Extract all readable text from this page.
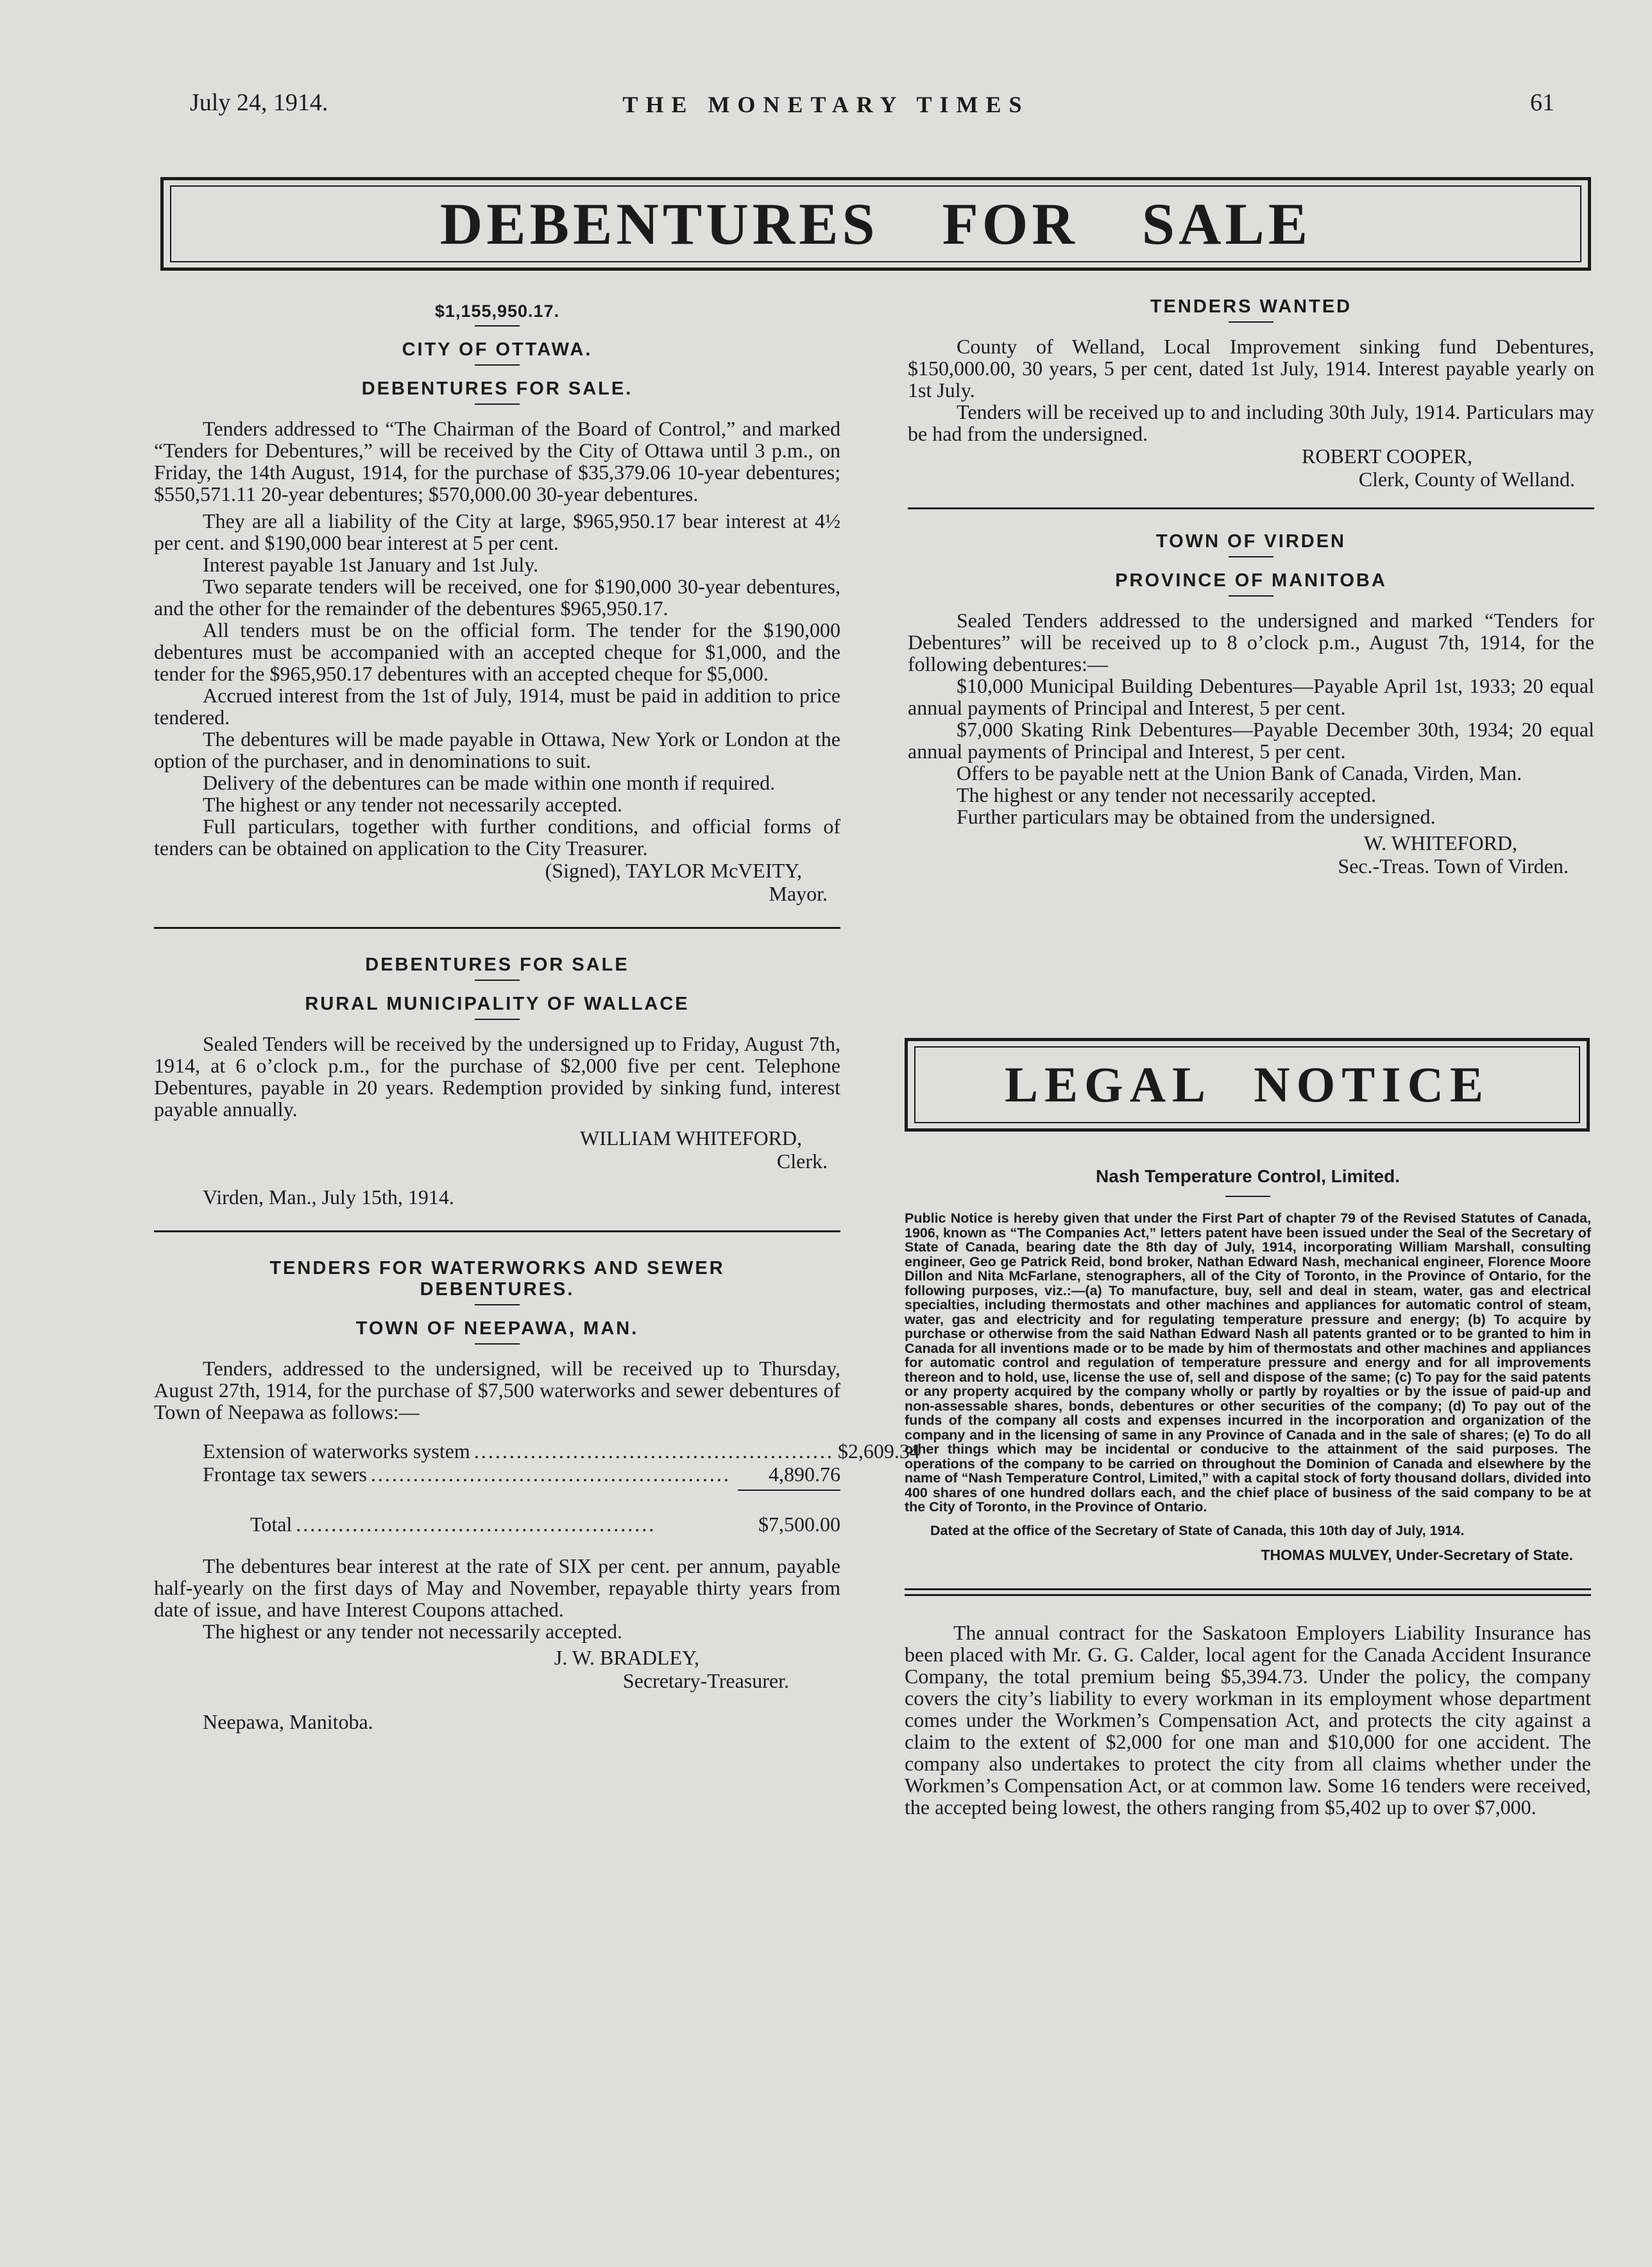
July 24, 1914.	THE MONETARY TIMES	61
DEBENTURES FOR SALE

$1,155,950.17.

CITY OF OTTAWA.

DEBENTURES FOR SALE.

Tenders addressed to “The Chairman of the Board of Control,” and marked “Tenders for Debentures,” will be received by the City of Ottawa until 3 p.m., on Friday, the 14th August, 1914, for the purchase of $35,379.06 10-year debentures; $550,571.11 20-year debentures; $570,000.00 30-year debentures.

They are all a liability of the City at large, $965,950.17 bear interest at 4½ per cent. and $190,000 bear interest at 5 per cent.

Interest payable 1st January and 1st July.

Two separate tenders will be received, one for $190,000 30-year debentures, and the other for the remainder of the debentures $965,950.17.

All tenders must be on the official form. The tender for the $190,000 debentures must be accompanied with an accepted cheque for $1,000, and the tender for the $965,950.17 debentures with an accepted cheque for $5,000.

Accrued interest from the 1st of July, 1914, must be paid in addition to price tendered.

The debentures will be made payable in Ottawa, New York or London at the option of the purchaser, and in denominations to suit.

Delivery of the debentures can be made within one month if required.

The highest or any tender not necessarily accepted.

Full particulars, together with further conditions, and official forms of tenders can be obtained on application to the City Treasurer.

(Signed), TAYLOR McVEITY,

Mayor.

DEBENTURES FOR SALE

RURAL MUNICIPALITY OF WALLACE

Sealed Tenders will be received by the undersigned up to Friday, August 7th, 1914, at 6 o’clock p.m., for the purchase of $2,000 five per cent. Telephone Debentures, payable in 20 years. Redemption provided by sinking fund, interest payable annually.

WILLIAM WHITEFORD,

Clerk.

Virden, Man., July 15th, 1914.

TENDERS FOR WATERWORKS AND SEWER DEBENTURES.

TOWN OF NEEPAWA, MAN.

Tenders, addressed to the undersigned, will be received up to Thursday, August 27th, 1914, for the purchase of $7,500 waterworks and sewer debentures of Town of Neepawa as follows:—

Extension of waterworks system ................................................... $2,609.34
Frontage tax sewers ...................................................	4,890.76
Total ...................................................	$7,500.00

The debentures bear interest at the rate of SIX per cent. per annum, payable half-yearly on the first days of May and November, repayable thirty years from date of issue, and have Interest Coupons attached.

The highest or any tender not necessarily accepted.

J. W. BRADLEY,

Secretary-Treasurer.

Neepawa, Manitoba.

TENDERS WANTED

County of Welland, Local Improvement sinking fund Debentures, $150,000.00, 30 years, 5 per cent, dated 1st July, 1914. Interest payable yearly on 1st July.

Tenders will be received up to and including 30th July, 1914. Particulars may be had from the undersigned.

ROBERT COOPER,

Clerk, County of Welland.

TOWN OF VIRDEN

PROVINCE OF MANITOBA

Sealed Tenders addressed to the undersigned and marked “Tenders for Debentures” will be received up to 8 o’clock p.m., August 7th, 1914, for the following debentures:—

$10,000 Municipal Building Debentures—Payable April 1st, 1933; 20 equal annual payments of Principal and Interest, 5 per cent.

$7,000 Skating Rink Debentures—Payable December 30th, 1934; 20 equal annual payments of Principal and Interest, 5 per cent.

Offers to be payable nett at the Union Bank of Canada, Virden, Man.

The highest or any tender not necessarily accepted.

Further particulars may be obtained from the undersigned.

W. WHITEFORD,

Sec.-Treas. Town of Virden.

LEGAL NOTICE

Nash Temperature Control, Limited.

Public Notice is hereby given that under the First Part of chapter 79 of the Revised Statutes of Canada, 1906, known as “The Companies Act,” letters patent have been issued under the Seal of the Secretary of State of Canada, bearing date the 8th day of July, 1914, incorporating William Marshall, consulting engineer, Geo ge Patrick Reid, bond broker, Nathan Edward Nash, mechanical engineer, Florence Moore Dillon and Nita McFarlane, stenographers, all of the City of Toronto, in the Province of Ontario, for the following purposes, viz.:—(a) To manufacture, buy, sell and deal in steam, water, gas and electrical specialties, including thermostats and other machines and appliances for automatic control of steam, water, gas and electricity and for regulating temperature pressure and energy; (b) To acquire by purchase or otherwise from the said Nathan Edward Nash all patents granted or to be granted to him in Canada for all inventions made or to be made by him of thermostats and other machines and appliances for automatic control and regulation of temperature pressure and energy and for all improvements thereon and to hold, use, license the use of, sell and dispose of the same; (c) To pay for the said patents or any property acquired by the company wholly or partly by royalties or by the issue of paid-up and non-assessable shares, bonds, debentures or other securities of the company; (d) To pay out of the funds of the company all costs and expenses incurred in the incorporation and organization of the company and in the licensing of same in any Province of Canada and in the sale of shares; (e) To do all other things which may be incidental or conducive to the attainment of the said purposes. The operations of the company to be carried on throughout the Dominion of Canada and elsewhere by the name of “Nash Temperature Control, Limited,” with a capital stock of forty thousand dollars, divided into 400 shares of one hundred dollars each, and the chief place of business of the said company to be at the City of Toronto, in the Province of Ontario.

Dated at the office of the Secretary of State of Canada, this 10th day of July, 1914.

THOMAS MULVEY, Under-Secretary of State.

The annual contract for the Saskatoon Employers Liability Insurance has been placed with Mr. G. G. Calder, local agent for the Canada Accident Insurance Company, the total premium being $5,394.73. Under the policy, the company covers the city’s liability to every workman in its employment whose department comes under the Workmen’s Compensation Act, and protects the city against a claim to the extent of $2,000 for one man and $10,000 for one accident. The company also undertakes to protect the city from all claims whether under the Workmen’s Compensation Act, or at common law. Some 16 tenders were received, the accepted being lowest, the others ranging from $5,402 up to over $7,000.
